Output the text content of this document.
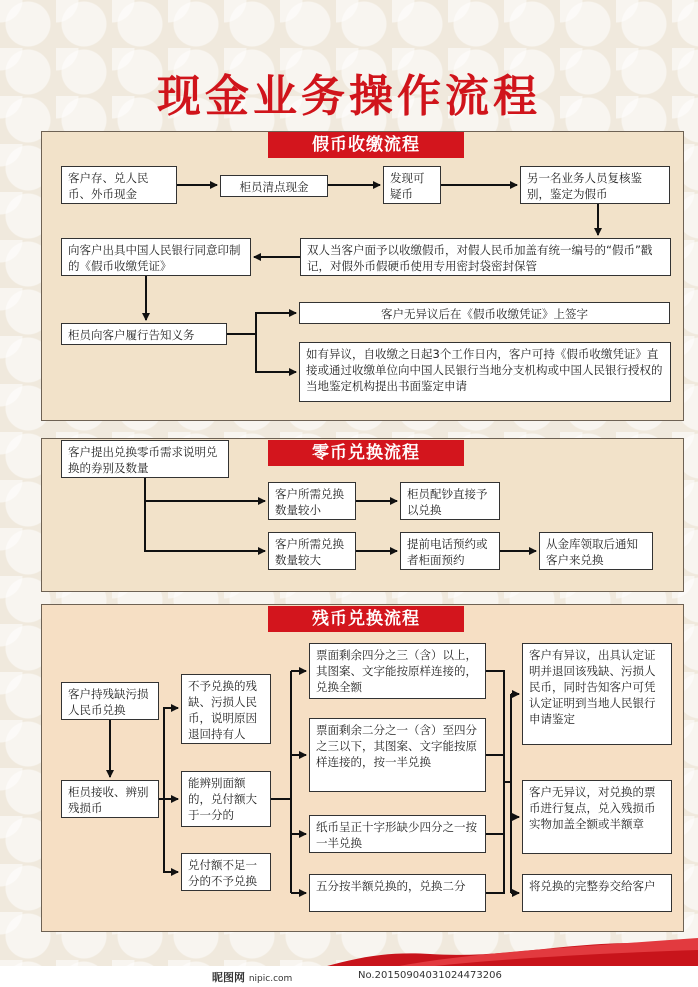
现金业务操作流程
假币收缴流程
客户存、兑人民币、外币现金	柜员清点现金
发现可疑币
另一名业务人员复核鉴别，鉴定为假币
双人当客户面予以收缴假币，对假人民币加盖有统一编号的“假币”戳记，对假外币假硬币使用专用密封袋密封保管
向客户出具中国人民银行同意印制的《假币收缴凭证》
柜员向客户履行告知义务
客户无异议后在《假币收缴凭证》上签字
如有异议，自收缴之日起3个工作日内，客户可持《假币收缴凭证》直接或通过收缴单位向中国人民银行当地分支机构或中国人民银行授权的当地鉴定机构提出书面鉴定申请
零币兑换流程
客户提出兑换零币需求说明兑换的券别及数量
客户所需兑换数量较小
柜员配钞直接予以兑换
客户所需兑换数量较大
提前电话预约或者柜面预约
从金库领取后通知客户来兑换
残币兑换流程
客户持残缺污损人民币兑换
柜员接收、辨别残损币
不予兑换的残缺、污损人民币，说明原因退回持有人
能辨别面额的，兑付额大于一分的
兑付额不足一分的不予兑换
票面剩余四分之三（含）以上，其图案、文字能按原样连接的，兑换全额
票面剩余二分之一（含）至四分之三以下，其图案、文字能按原样连接的，按一半兑换
纸币呈正十字形缺少四分之一按一半兑换
五分按半额兑换的，兑换二分
客户有异议，出具认定证明并退回该残缺、污损人民币，同时告知客户可凭认定证明到当地人民银行申请鉴定
客户无异议，对兑换的票币进行复点，兑入残损币实物加盖全额或半额章
将兑换的完整券交给客户
昵图网 nipic.com	No.20150904031024473206
